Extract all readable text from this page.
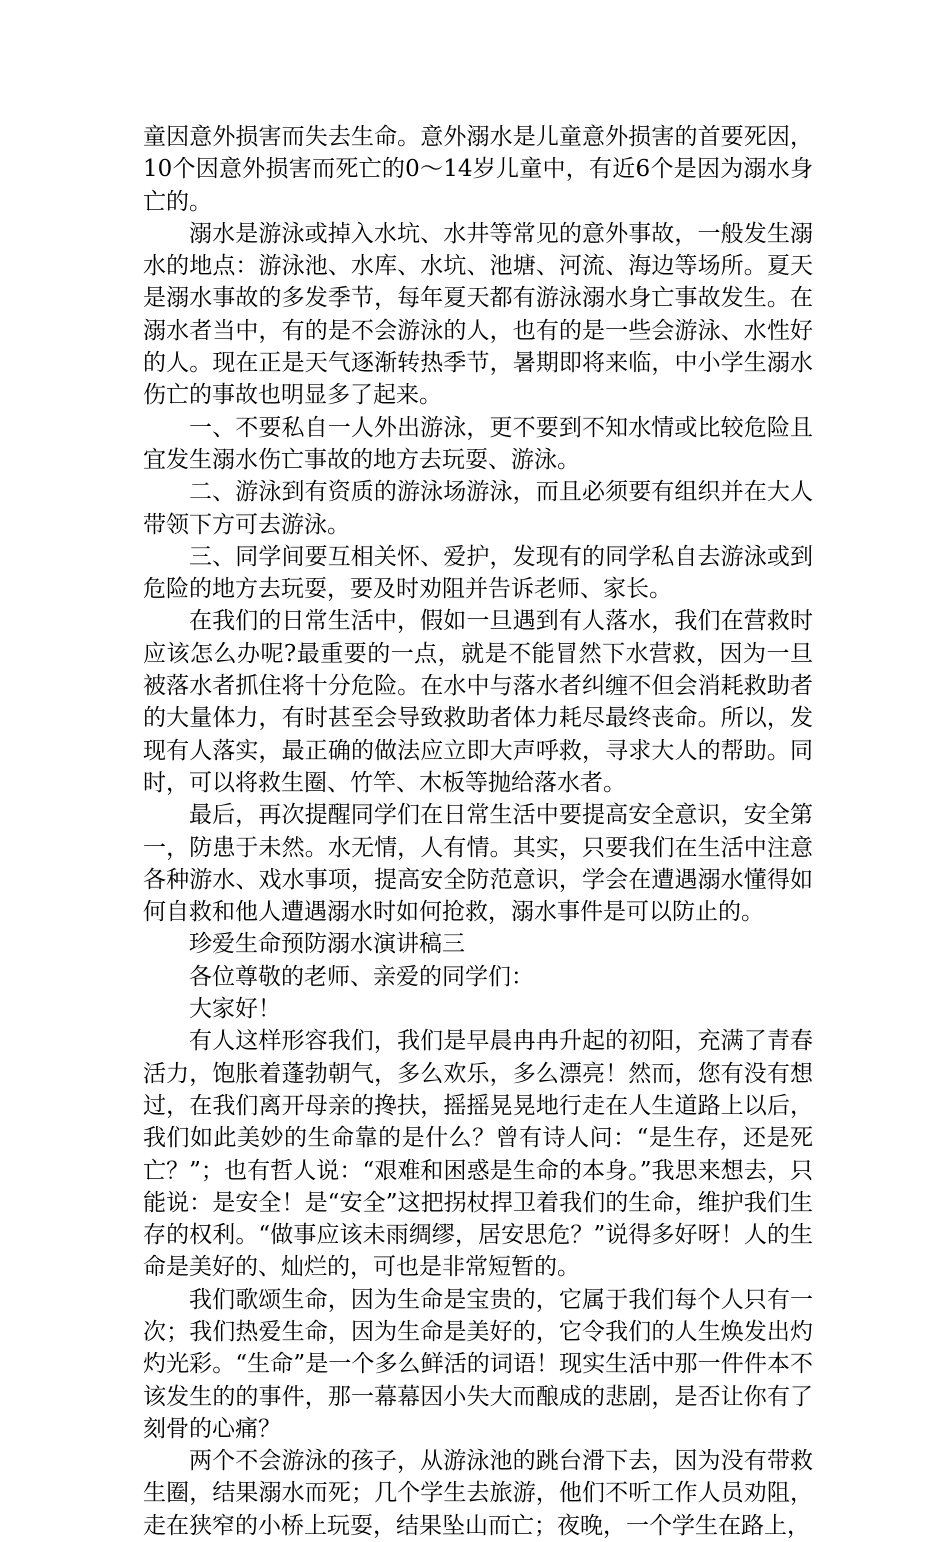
童因意外损害而失去生命。意外溺水是儿童意外损害的首要死因，10个因意外损害而死亡的0～14岁儿童中，有近6个是因为溺水身亡的。

溺水是游泳或掉入水坑、水井等常见的意外事故，一般发生溺水的地点：游泳池、水库、水坑、池塘、河流、海边等场所。夏天是溺水事故的多发季节，每年夏天都有游泳溺水身亡事故发生。在溺水者当中，有的是不会游泳的人，也有的是一些会游泳、水性好的人。现在正是天气逐渐转热季节，暑期即将来临，中小学生溺水伤亡的事故也明显多了起来。

一、不要私自一人外出游泳，更不要到不知水情或比较危险且宜发生溺水伤亡事故的地方去玩耍、游泳。

二、游泳到有资质的游泳场游泳，而且必须要有组织并在大人带领下方可去游泳。

三、同学间要互相关怀、爱护，发现有的同学私自去游泳或到危险的地方去玩耍，要及时劝阻并告诉老师、家长。

在我们的日常生活中，假如一旦遇到有人落水，我们在营救时应该怎么办呢?最重要的一点，就是不能冒然下水营救，因为一旦被落水者抓住将十分危险。在水中与落水者纠缠不但会消耗救助者的大量体力，有时甚至会导致救助者体力耗尽最终丧命。所以，发现有人落实，最正确的做法应立即大声呼救，寻求大人的帮助。同时，可以将救生圈、竹竿、木板等抛给落水者。

最后，再次提醒同学们在日常生活中要提高安全意识，安全第一，防患于未然。水无情，人有情。其实，只要我们在生活中注意各种游水、戏水事项，提高安全防范意识，学会在遭遇溺水懂得如何自救和他人遭遇溺水时如何抢救，溺水事件是可以防止的。

珍爱生命预防溺水演讲稿三

各位尊敬的老师、亲爱的同学们：

大家好！

有人这样形容我们，我们是早晨冉冉升起的初阳，充满了青春活力，饱胀着蓬勃朝气，多么欢乐，多么漂亮！然而，您有没有想过，在我们离开母亲的搀扶，摇摇晃晃地行走在人生道路上以后，我们如此美妙的生命靠的是什么？曾有诗人问：“是生存，还是死亡？”；也有哲人说：“艰难和困惑是生命的本身。”我思来想去，只能说：是安全！是“安全”这把拐杖捍卫着我们的生命，维护我们生存的权利。“做事应该未雨绸缪，居安思危？”说得多好呀！人的生命是美好的、灿烂的，可也是非常短暂的。

我们歌颂生命，因为生命是宝贵的，它属于我们每个人只有一次；我们热爱生命，因为生命是美好的，它令我们的人生焕发出灼灼光彩。“生命”是一个多么鲜活的词语！现实生活中那一件件本不该发生的的事件，那一幕幕因小失大而酿成的悲剧，是否让你有了刻骨的心痛？

两个不会游泳的孩子，从游泳池的跳台滑下去，因为没有带救生圈，结果溺水而死；几个学生去旅游，他们不听工作人员劝阻，走在狭窄的小桥上玩耍，结果坠山而亡；夜晚，一个学生在路上，
